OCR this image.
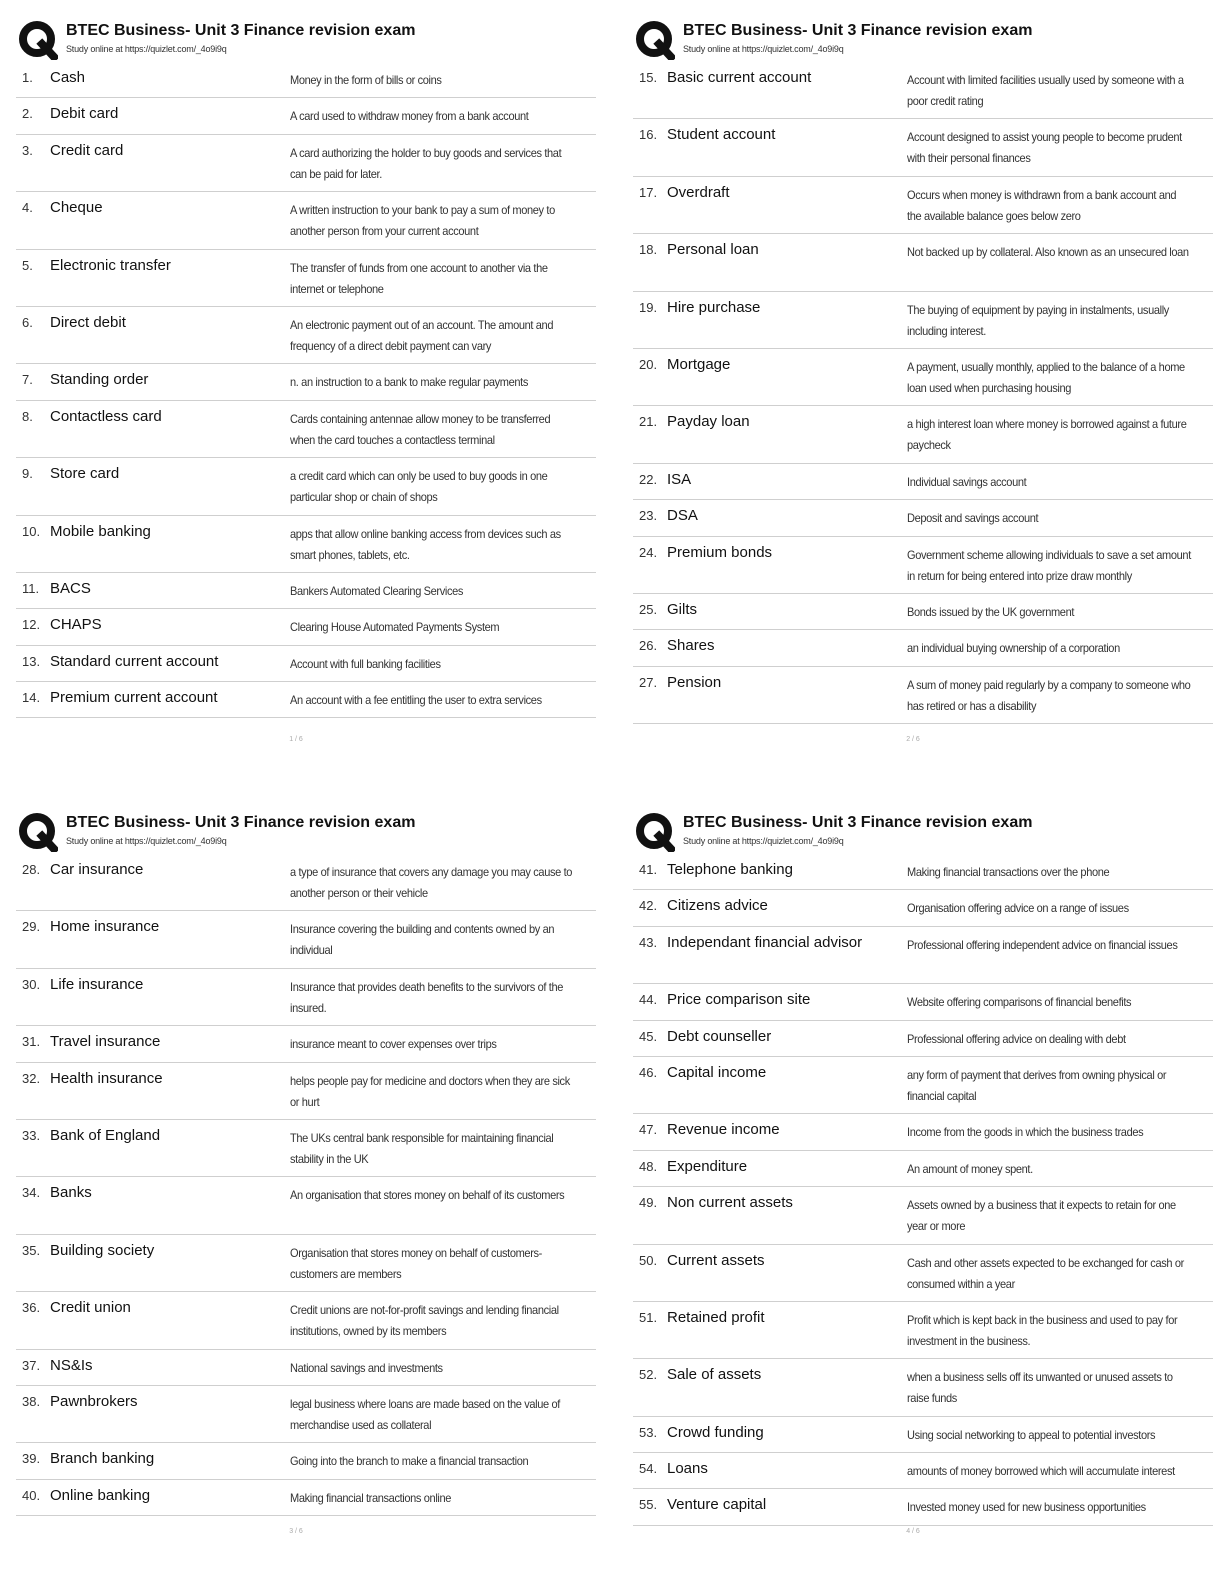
BTEC Business- Unit 3 Finance revision exam
Study online at https://quizlet.com/_4o9i9q
1.	Cash	Money in the form of bills or coins
2.	Debit card	A card used to withdraw money from a bank account
3.	Credit card	A card authorizing the holder to buy goods and services that can be paid for later.
4.	Cheque	A written instruction to your bank to pay a sum of money to another person from your current account
5.	Electronic transfer	The transfer of funds from one account to another via the internet or telephone
6.	Direct debit	An electronic payment out of an account. The amount and frequency of a direct debit payment can vary
7.	Standing order	n. an instruction to a bank to make regular payments
8.	Contactless card	Cards containing antennae allow money to be transferred when the card touches a contactless terminal
9.	Store card	a credit card which can only be used to buy goods in one particular shop or chain of shops
10. Mobile banking	apps that allow online banking access from devices such as smart phones, tablets, etc.
11. BACS	Bankers Automated Clearing Services
12. CHAPS	Clearing House Automated Payments System
13. Standard current account	Account with full banking facilities
14. Premium current account	An account with a fee entitling the user to extra services
1 / 6
BTEC Business- Unit 3 Finance revision exam
Study online at https://quizlet.com/_4o9i9q
15. Basic current account	Account with limited facilities usually used by someone with a poor credit rating
16. Student account	Account designed to assist young people to become prudent with their personal finances
17. Overdraft	Occurs when money is withdrawn from a bank account and the available balance goes below zero
18. Personal loan	Not backed up by collateral. Also known as an unsecured loan
19. Hire purchase	The buying of equipment by paying in instalments, usually including interest.
20. Mortgage	A payment, usually monthly, applied to the balance of a home loan used when purchasing housing
21. Payday loan	a high interest loan where money is borrowed against a future paycheck
22. ISA	Individual savings account
23. DSA	Deposit and savings account
24. Premium bonds	Government scheme allowing individuals to save a set amount in return for being entered into prize draw monthly
25. Gilts	Bonds issued by the UK government
26. Shares	an individual buying ownership of a corporation
27. Pension	A sum of money paid regularly by a company to someone who has retired or has a disability
2 / 6
BTEC Business- Unit 3 Finance revision exam
Study online at https://quizlet.com/_4o9i9q
28. Car insurance	a type of insurance that covers any damage you may cause to another person or their vehicle
29. Home insurance	Insurance covering the building and contents owned by an individual
30. Life insurance	Insurance that provides death benefits to the survivors of the insured.
31. Travel insurance	insurance meant to cover expenses over trips
32. Health insurance	helps people pay for medicine and doctors when they are sick or hurt
33. Bank of England	The UKs central bank responsible for maintaining financial stability in the UK
34. Banks	An organisation that stores money on behalf of its customers
35. Building society	Organisation that stores money on behalf of customers- customers are members
36. Credit union	Credit unions are not-for-profit savings and lending financial institutions, owned by its members
37. NS&Is	National savings and investments
38. Pawnbrokers	legal business where loans are made based on the value of merchandise used as collateral
39. Branch banking	Going into the branch to make a financial transaction
40. Online banking	Making financial transactions online
3 / 6
BTEC Business- Unit 3 Finance revision exam
Study online at https://quizlet.com/_4o9i9q
41. Telephone banking	Making financial transactions over the phone
42. Citizens advice	Organisation offering advice on a range of issues
43. Independant financial advisor	Professional offering independent advice on financial issues
44. Price comparison site	Website offering comparisons of financial benefits
45. Debt counseller	Professional offering advice on dealing with debt
46. Capital income	any form of payment that derives from owning physical or financial capital
47. Revenue income	Income from the goods in which the business trades
48. Expenditure	An amount of money spent.
49. Non current assets	Assets owned by a business that it expects to retain for one year or more
50. Current assets	Cash and other assets expected to be exchanged for cash or consumed within a year
51. Retained profit	Profit which is kept back in the business and used to pay for investment in the business.
52. Sale of assets	when a business sells off its unwanted or unused assets to raise funds
53. Crowd funding	Using social networking to appeal to potential investors
54. Loans	amounts of money borrowed which will accumulate interest
55. Venture capital	Invested money used for new business opportunities
4 / 6
